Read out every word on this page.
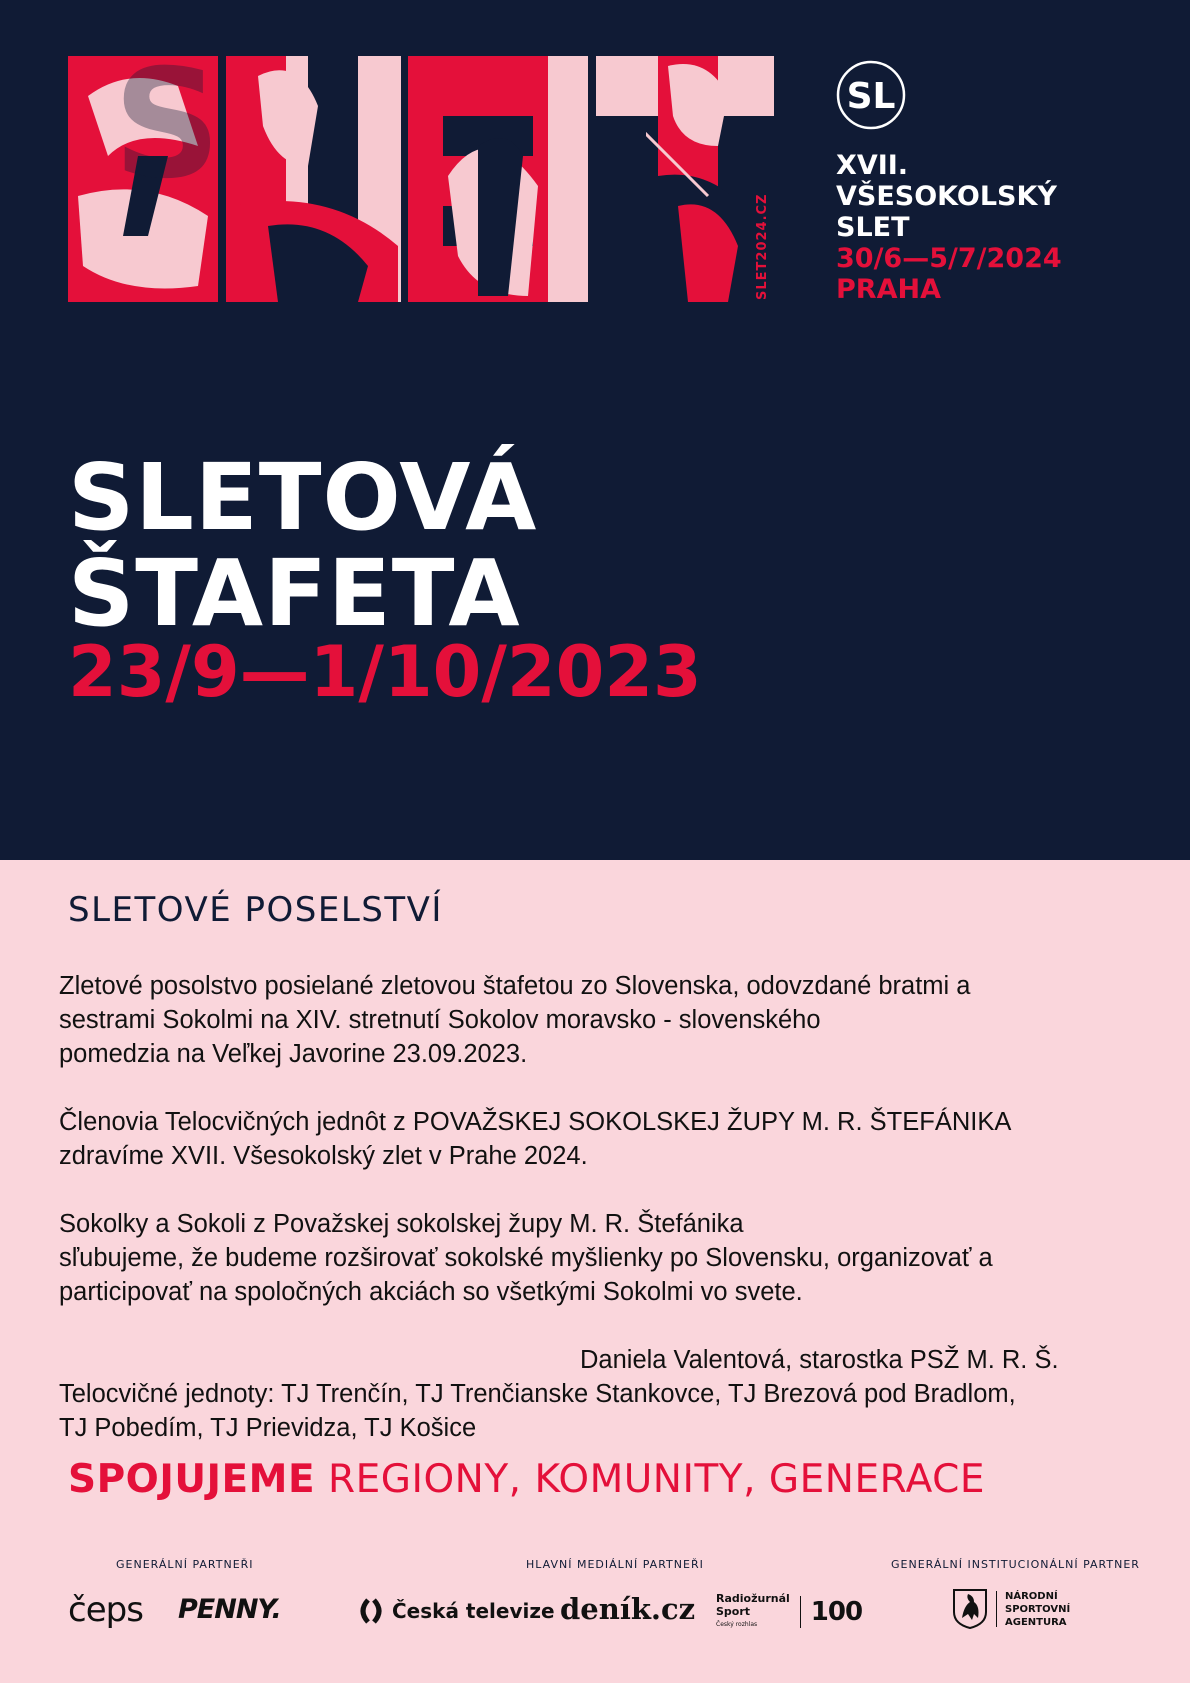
S
SLET2024.CZ
SL
XVII.
VŠESOKOLSKÝ
SLET
30/6—5/7/2024
PRAHA
SLETOVÁ
ŠTAFETA
23/9—1/10/2023
SLETOVÉ POSELSTVÍ

Zletové posolstvo posielané zletovou štafetou zo Slovenska, odovzdané bratmi a

sestrami Sokolmi na XIV. stretnutí Sokolov moravsko - slovenského

pomedzia na Veľkej Javorine 23.09.2023.

Členovia Telocvičných jednôt z POVAŽSKEJ SOKOLSKEJ ŽUPY M. R. ŠTEFÁNIKA

zdravíme XVII. Všesokolský zlet v Prahe 2024.

Sokolky a Sokoli z Považskej sokolskej župy M. R. Štefánika

sľubujeme, že budeme rozširovať sokolské myšlienky po Slovensku, organizovať a

participovať na spoločných akciách so všetkými Sokolmi vo svete.

Daniela Valentová, starostka PSŽ M. R. Š.

Telocvičné jednoty: TJ Trenčín, TJ Trenčianske Stankovce, TJ Brezová pod Bradlom,

TJ Pobedím, TJ Prievidza, TJ Košice

SPOJUJEME REGIONY, KOMUNITY, GENERACE
GENERÁLNÍ PARTNEŘI	HLAVNÍ MEDIÁLNÍ PARTNEŘI	GENERÁLNÍ INSTITUCIONÁLNÍ PARTNER
čeps PENNY.	Česká televize deník.cz Radiožurnál
Sport
Český rozhlas	100
NÁRODNÍ
SPORTOVNÍ
AGENTURA
